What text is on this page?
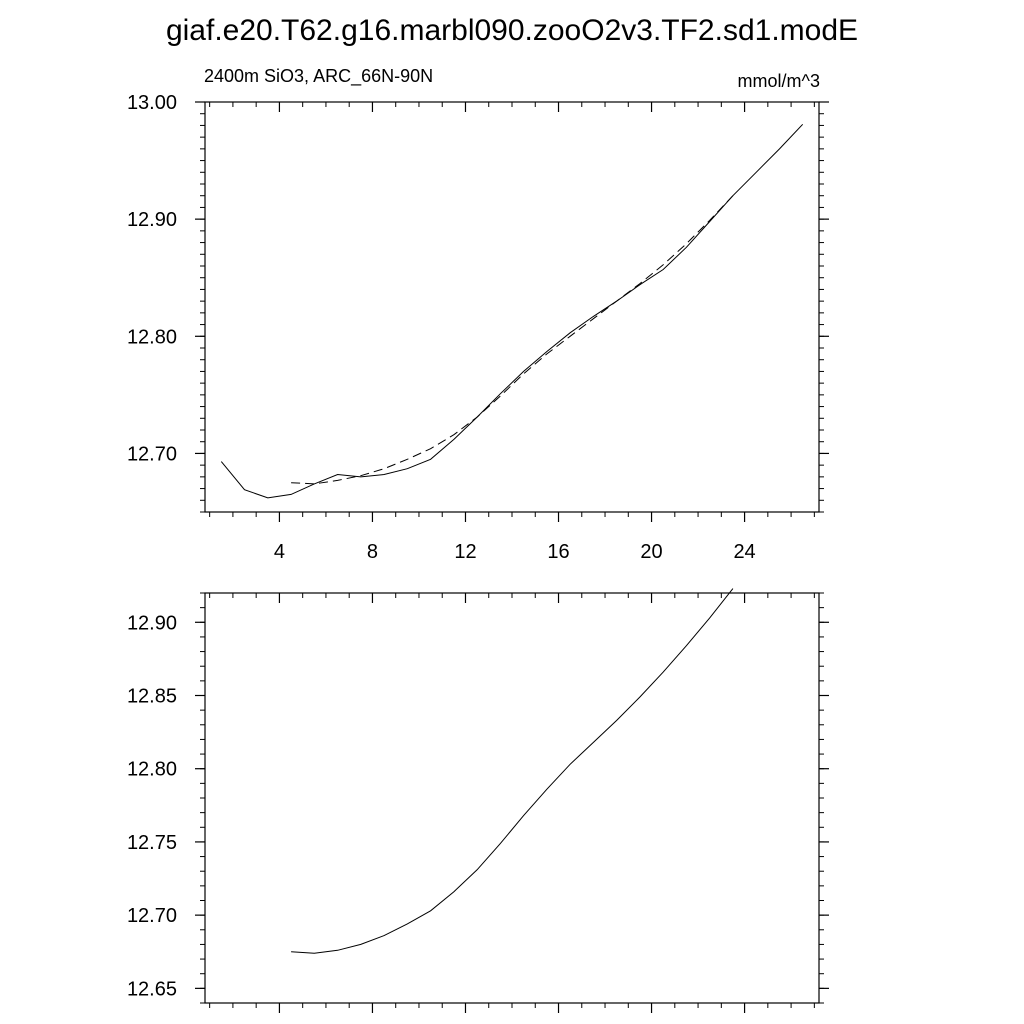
giaf.e20.T62.g16.marbl090.zooO2v3.TF2.sd1.modE
2400m SiO3, ARC_66N-90N	mmol/m^3
12.70
12.80
12.90
13.00
4	8	12	16	20	24
12.65
12.70
12.75
12.80
12.85
12.90
